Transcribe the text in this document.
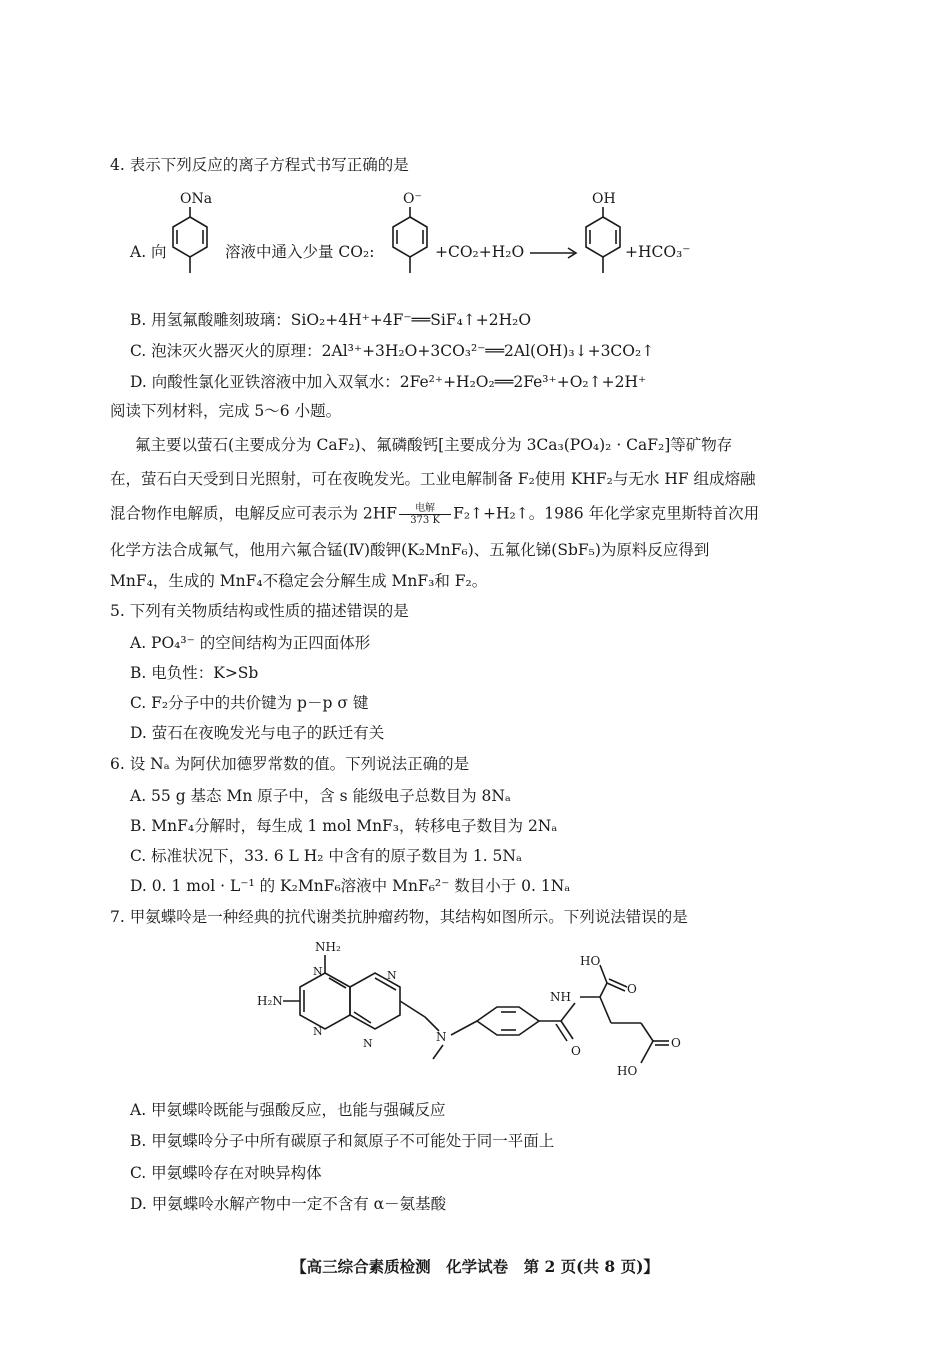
4. 表示下列反应的离子方程式书写正确的是
A. 向
ONa
溶液中通入少量 CO₂:
O⁻
+CO₂+H₂O →
OH
+HCO₃⁻
B. 用氢氟酸雕刻玻璃：SiO₂+4H⁺+4F⁻══SiF₄↑+2H₂O
C. 泡沫灭火器灭火的原理：2Al³⁺+3H₂O+3CO₃²⁻══2Al(OH)₃↓+3CO₂↑
D. 向酸性氯化亚铁溶液中加入双氧水：2Fe²⁺+H₂O₂══2Fe³⁺+O₂↑+2H⁺
阅读下列材料，完成 5～6 小题。
氟主要以萤石(主要成分为 CaF₂)、氟磷酸钙[主要成分为 3Ca₃(PO₄)₂ · CaF₂]等矿物存
在，萤石白天受到日光照射，可在夜晚发光。工业电解制备 F₂使用 KHF₂与无水 HF 组成熔融
混合物作电解质，电解反应可表示为 $2HF \frac{\text{电解}}{373 K}$ F₂↑+H₂↑。1986 年化学家克里斯特首次用
化学方法合成氟气，他用六氟合锰(Ⅳ)酸钾(K₂MnF₆)、五氟化锑(SbF₅)为原料反应得到
MnF₄，生成的 MnF₄不稳定会分解生成 MnF₃和 F₂。
5. 下列有关物质结构或性质的描述错误的是
A. PO₄³⁻ 的空间结构为正四面体形
B. 电负性：K>Sb
C. F₂分子中的共价键为 p－p σ 键
D. 萤石在夜晚发光与电子的跃迁有关
6. 设 Nₐ 为阿伏加德罗常数的值。下列说法正确的是
A. 55 g 基态 Mn 原子中，含 s 能级电子总数目为 8Nₐ
B. MnF₄分解时，每生成 1 mol MnF₃，转移电子数目为 2Nₐ
C. 标准状况下，33. 6 L H₂ 中含有的原子数目为 1. 5Nₐ
D. 0. 1 mol · L⁻¹ 的 K₂MnF₆溶液中 MnF₆²⁻ 数目小于 0. 1Nₐ
7. 甲氨蝶呤是一种经典的抗代谢类抗肿瘤药物，其结构如图所示。下列说法错误的是
NH₂
H₂N
N
N
N
N	N
O
NH
HO
O
O
HO
A. 甲氨蝶呤既能与强酸反应，也能与强碱反应
B. 甲氨蝶呤分子中所有碳原子和氮原子不可能处于同一平面上
C. 甲氨蝶呤存在对映异构体
D. 甲氨蝶呤水解产物中一定不含有 α－氨基酸
【高三综合素质检测　化学试卷　第 2 页(共 8 页)】
